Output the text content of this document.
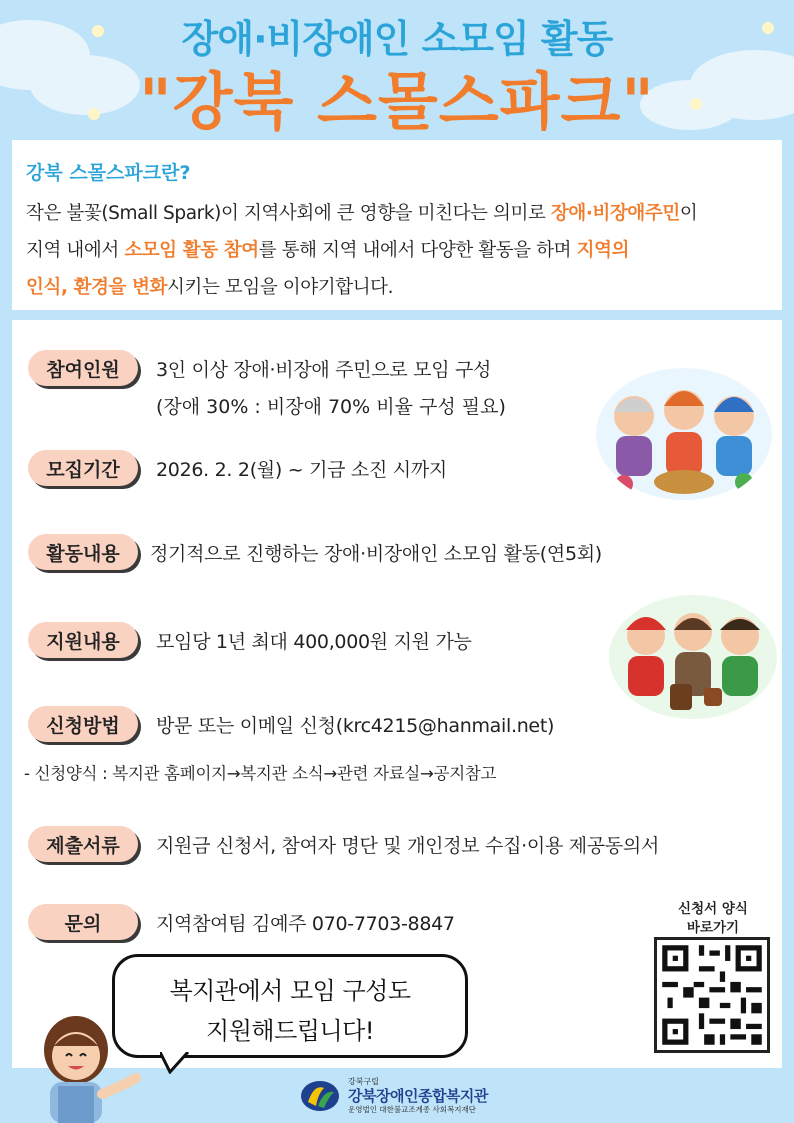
장애·비장애인 소모임 활동
"강북 스몰스파크"
강북 스몰스파크란?
작은 불꽃(Small Spark)이 지역사회에 큰 영향을 미친다는 의미로 장애·비장애주민이
지역 내에서 소모임 활동 참여를 통해 지역 내에서 다양한 활동을 하며 지역의
인식, 환경을 변화시키는 모임을 이야기합니다.
참여인원	3인 이상 장애·비장애 주민으로 모임 구성
(장애 30% : 비장애 70% 비율 구성 필요)
모집기간	2026. 2. 2(월) ~ 기금 소진 시까지
활동내용	정기적으로 진행하는 장애·비장애인 소모임 활동(연5회)
지원내용	모임당 1년 최대 400,000원 지원 가능
신청방법	방문 또는 이메일 신청(krc4215@hanmail.net)
- 신청양식 : 복지관 홈페이지→복지관 소식→관련 자료실→공지참고
제출서류	지원금 신청서, 참여자 명단 및 개인정보 수집·이용 제공동의서
문의	지역참여팀 김예주 070-7703-8847
복지관에서 모임 구성도
지원해드립니다!
신청서 양식
바로가기
강북구립
강북장애인종합복지관
운영법인 대한불교조계종 사회복지재단
